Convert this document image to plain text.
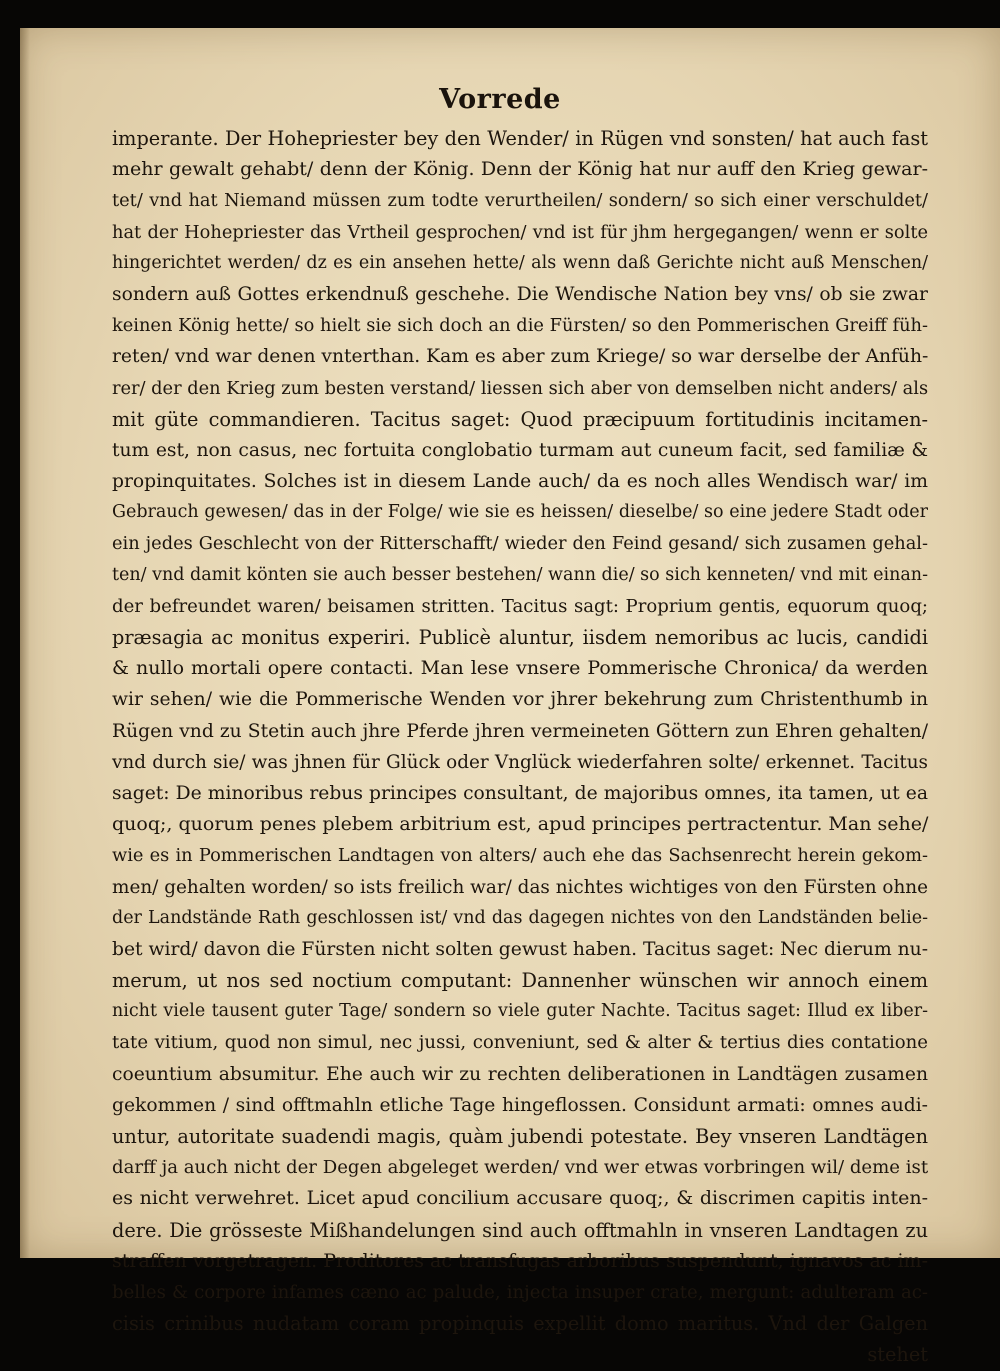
Vorrede
imperante. Der Hohepriester bey den Wender/ in Rügen vnd sonsten/ hat auch fast
mehr gewalt gehabt/ denn der König. Denn der König hat nur auff den Krieg gewar-
tet/ vnd hat Niemand müssen zum todte verurtheilen/ sondern/ so sich einer verschuldet/
hat der Hohepriester das Vrtheil gesprochen/ vnd ist für jhm hergegangen/ wenn er solte
hingerichtet werden/ dz es ein ansehen hette/ als wenn daß Gerichte nicht auß Menschen/
sondern auß Gottes erkendnuß geschehe. Die Wendische Nation bey vns/ ob sie zwar
keinen König hette/ so hielt sie sich doch an die Fürsten/ so den Pommerischen Greiff füh-
reten/ vnd war denen vnterthan. Kam es aber zum Kriege/ so war derselbe der Anfüh-
rer/ der den Krieg zum besten verstand/ liessen sich aber von demselben nicht anders/ als
mit güte commandieren. Tacitus saget: Quod præcipuum fortitudinis incitamen-
tum est, non casus, nec fortuita conglobatio turmam aut cuneum facit, sed familiæ &
propinquitates. Solches ist in diesem Lande auch/ da es noch alles Wendisch war/ im
Gebrauch gewesen/ das in der Folge/ wie sie es heissen/ dieselbe/ so eine jedere Stadt oder
ein jedes Geschlecht von der Ritterschafft/ wieder den Feind gesand/ sich zusamen gehal-
ten/ vnd damit könten sie auch besser bestehen/ wann die/ so sich kenneten/ vnd mit einan-
der befreundet waren/ beisamen stritten. Tacitus sagt: Proprium gentis, equorum quoq;
præsagia ac monitus experiri. Publicè aluntur, iisdem nemoribus ac lucis, candidi
& nullo mortali opere contacti. Man lese vnsere Pommerische Chronica/ da werden
wir sehen/ wie die Pommerische Wenden vor jhrer bekehrung zum Christenthumb in
Rügen vnd zu Stetin auch jhre Pferde jhren vermeineten Göttern zun Ehren gehalten/
vnd durch sie/ was jhnen für Glück oder Vnglück wiederfahren solte/ erkennet. Tacitus
saget: De minoribus rebus principes consultant, de majoribus omnes, ita tamen, ut ea
quoq;, quorum penes plebem arbitrium est, apud principes pertractentur. Man sehe/
wie es in Pommerischen Landtagen von alters/ auch ehe das Sachsenrecht herein gekom-
men/ gehalten worden/ so ists freilich war/ das nichtes wichtiges von den Fürsten ohne
der Landstände Rath geschlossen ist/ vnd das dagegen nichtes von den Landständen belie-
bet wird/ davon die Fürsten nicht solten gewust haben. Tacitus saget: Nec dierum nu-
merum, ut nos sed noctium computant: Dannenher wünschen wir annoch einem
nicht viele tausent guter Tage/ sondern so viele guter Nachte. Tacitus saget: Illud ex liber-
tate vitium, quod non simul, nec jussi, conveniunt, sed & alter & tertius dies contatione
coeuntium absumitur. Ehe auch wir zu rechten deliberationen in Landtägen zusamen
gekommen / sind offtmahln etliche Tage hingeflossen. Considunt armati: omnes audi-
untur, autoritate suadendi magis, quàm jubendi potestate. Bey vnseren Landtägen
darff ja auch nicht der Degen abgeleget werden/ vnd wer etwas vorbringen wil/ deme ist
es nicht verwehret. Licet apud concilium accusare quoq;, & discrimen capitis inten-
dere. Die grösseste Mißhandelungen sind auch offtmahln in vnseren Landtagen zu
straffen vorgetragen. Proditores ac transfugas arboribus suspendunt, ignavos ac im-
belles & corpore infames cæno ac palude, injecta insuper crate, mergunt: adulteram ac-
cisis crinibus nudatam coram propinquis expellit domo maritus. Vnd der Galgen
stehet
